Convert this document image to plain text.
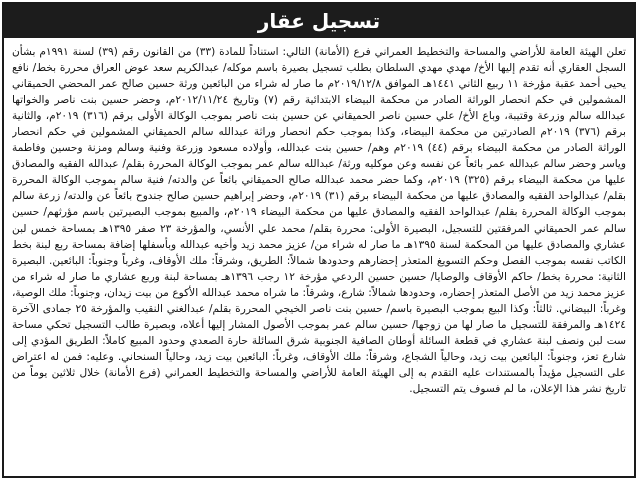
تسجيل عقار

تعلن الهيئة العامة للأراضي والمساحة والتخطيط العمراني فرع (الأمانة) التالي: استناداً للمادة (٣٣) من القانون رقم (٣٩) لسنة ١٩٩١م بشأن السجل العقاري أنه تقدم إليها الأخ/ مهدي مهدي السلطان بطلب تسجيل بصيرة باسم موكله/ عبدالكريم سعد عوض العراق محررة بخط/ نافع يحيى أحمد عقبة مؤرخة ١١ ربيع الثاني ١٤٤١هـ الموافق ٢٠١٩/١٢/٨م ما صار له شراء من البائعين ورثة حسين صالح عمر المحضي الحميقاني المشمولين في حكم انحصار الوراثة الصادر من محكمة البيضاء الابتدائية رقم (٧) وتاريخ ٢٠١٢/١١/٢٤م، وحضر حسين بنت ناصر والخواتها عبدالله سالم وزرعة وقتيبة، وباع الأخ/ علي حسين ناصر الحميقاني عن حسين بنت ناصر بموجب الوكالة الأولى برقم (٣١٦) ٢٠١٩م، والثانية برقم (٣٧٦) ٢٠١٩م الصادرتين من محكمة البيضاء، وكذا بموجب حكم انحصار وراثة عبدالله سالم الحميقاني المشمولين في حكم انحصار الوراثة الصادر من محكمة البيضاء برقم (٤٤) ٢٠١٩م وهم/ حسين بنت عبدالله، وأولاده مسعود وزرعة وفنية وسالم ومزنة وحسين وفاطمة وياسر وحضر سالم عبدالله عمر بائعاً عن نفسه وعن موكليه ورثة/ عبدالله سالم عمر بموجب الوكالة المحررة بقلم/ عبدالله الفقيه والمصادق عليها من محكمة البيضاء برقم (٣٢٥) ٢٠١٩م، وكما حضر محمد عبدالله صالح الحميقاني بائعاً عن والدته/ فنية سالم بموجب الوكالة المحررة بقلم/ عبدالواحد الفقيه والمصادق عليها من محكمة البيضاء برقم (٣١) ٢٠١٩م، وحضر إبراهيم حسين صالح جندوح بائعاً عن والدته/ زرعة سالم بموجب الوكالة المحررة بقلم/ عبدالواحد الفقيه والمصادق عليها من محكمة البيضاء ٢٠١٩م، والمبيع بموجب البصيرتين باسم مؤرثهم/ حسين سالم عمر الحميقاني المرفقتين للتسجيل، البصيرة الأولى: محررة بقلم/ محمد علي الأنسي، والمؤرخة ٢٣ صفر ١٣٩٥هـ بمساحة خمس لبن عشاري والمصادق عليها من المحكمة لسنة ١٣٩٥هـ ما صار له شراء من/ عزيز محمد زيد وأخيه عبدالله وبأسفلها إضافة بمساحة ربع لبنة بخط الكاتب نفسه بموجب الفصل وحكم التسويغ المتعذر إحضارهم وحدودها شمالاً: الطريق، وشرقاً: ملك الأوقاف، وغرباً وجنوباً: البائعين. البصيرة الثانية: محررة بخط/ حاكم الأوقاف والوصايا/ حسين حسين الردعي مؤرخة ١٢ رجب ١٣٩٦هـ بمساحة لبنة وربع عشاري ما صار له شراء من عزيز محمد زيد من الأصل المتعذر إحضاره، وحدودها شمالاً: شارع، وشرقاً: ما شراه محمد عبدالله الأكوع من بيت زيدان، وجنوباً: ملك الوصية، وغرباً: البيضاني. ثالثاً: وكذا البيع بموجب البصيرة باسم/ حسين بنت ناصر الخيجي المحررة بقلم/ عبدالغني النقيب والمؤرخة ٢٥ جمادى الآخرة ١٤٢٤هـ والمرفقة للتسجيل ما صار لها من زوجها/ حسين سالم عمر بموجب الأصول المشار إليها أعلاه، وبصيرة طالب التسجيل تحكي مساحة ست لبن ونصف لبنة عشاري في قطعة السائلة أوطان الصافية الجنوبية شرق السائلة حارة الصعدي وحدود المبيع كاملاً: الطريق المؤدي إلى شارع تعز، وجنوباً: البائعين بيت زيد، وحالياً الشجاع، وشرقاً: ملك الأوقاف، وغرباً: البائعين بيت زيد، وحالياً السنحاني. وعليه: فمن له اعتراض على التسجيل مؤيداً بالمستندات عليه التقدم به إلى الهيئة العامة للأراضي والمساحة والتخطيط العمراني (فرع الأمانة) خلال ثلاثين يوماً من تاريخ نشر هذا الإعلان، ما لم فسوف يتم التسجيل.
